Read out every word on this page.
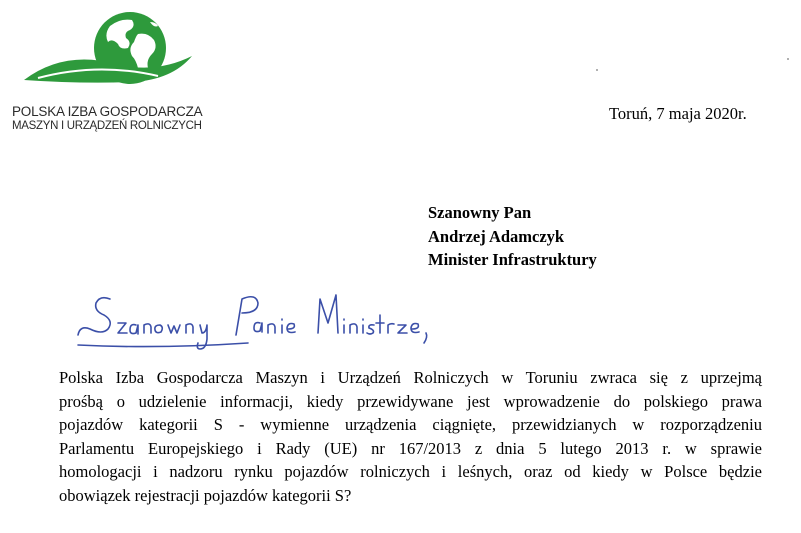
POLSKA IZBA GOSPODARCZA
MASZYN I URZĄDZEŃ ROLNICZYCH
Toruń, 7 maja 2020r.
Szanowny Pan
Andrzej Adamczyk
Minister Infrastruktury
Polska Izba Gospodarcza Maszyn i Urządzeń Rolniczych w Toruniu zwraca się z uprzejmą
prośbą o udzielenie informacji, kiedy przewidywane jest wprowadzenie do polskiego prawa
pojazdów kategorii S - wymienne urządzenia ciągnięte, przewidzianych w rozporządzeniu
Parlamentu Europejskiego i Rady (UE) nr 167/2013 z dnia 5 lutego 2013 r. w sprawie
homologacji i nadzoru rynku pojazdów rolniczych i leśnych, oraz od kiedy w Polsce będzie
obowiązek rejestracji pojazdów kategorii S?
